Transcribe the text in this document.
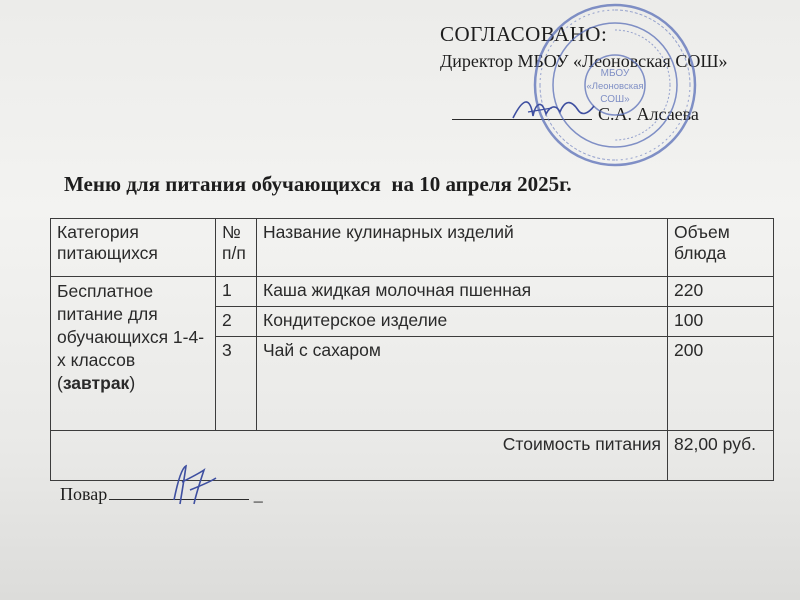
СОГЛАСОВАНО:
Директор МБОУ «Леоновская СОШ»
С.А. Алсаева
МБОУ
«Леоновская
СОШ»
Меню для питания обучающихся  на 10 апреля 2025г.
Категория питающихся	№ п/п	Название кулинарных изделий	Объем блюда
Бесплатное питание для обучающихся 1-4-х классов (завтрак)	1	Каша жидкая молочная пшенная	220
	2	Кондитерское изделие	100
	3	Чай с сахаром	200
Стоимость питания			82,00 руб.
Повар	_
